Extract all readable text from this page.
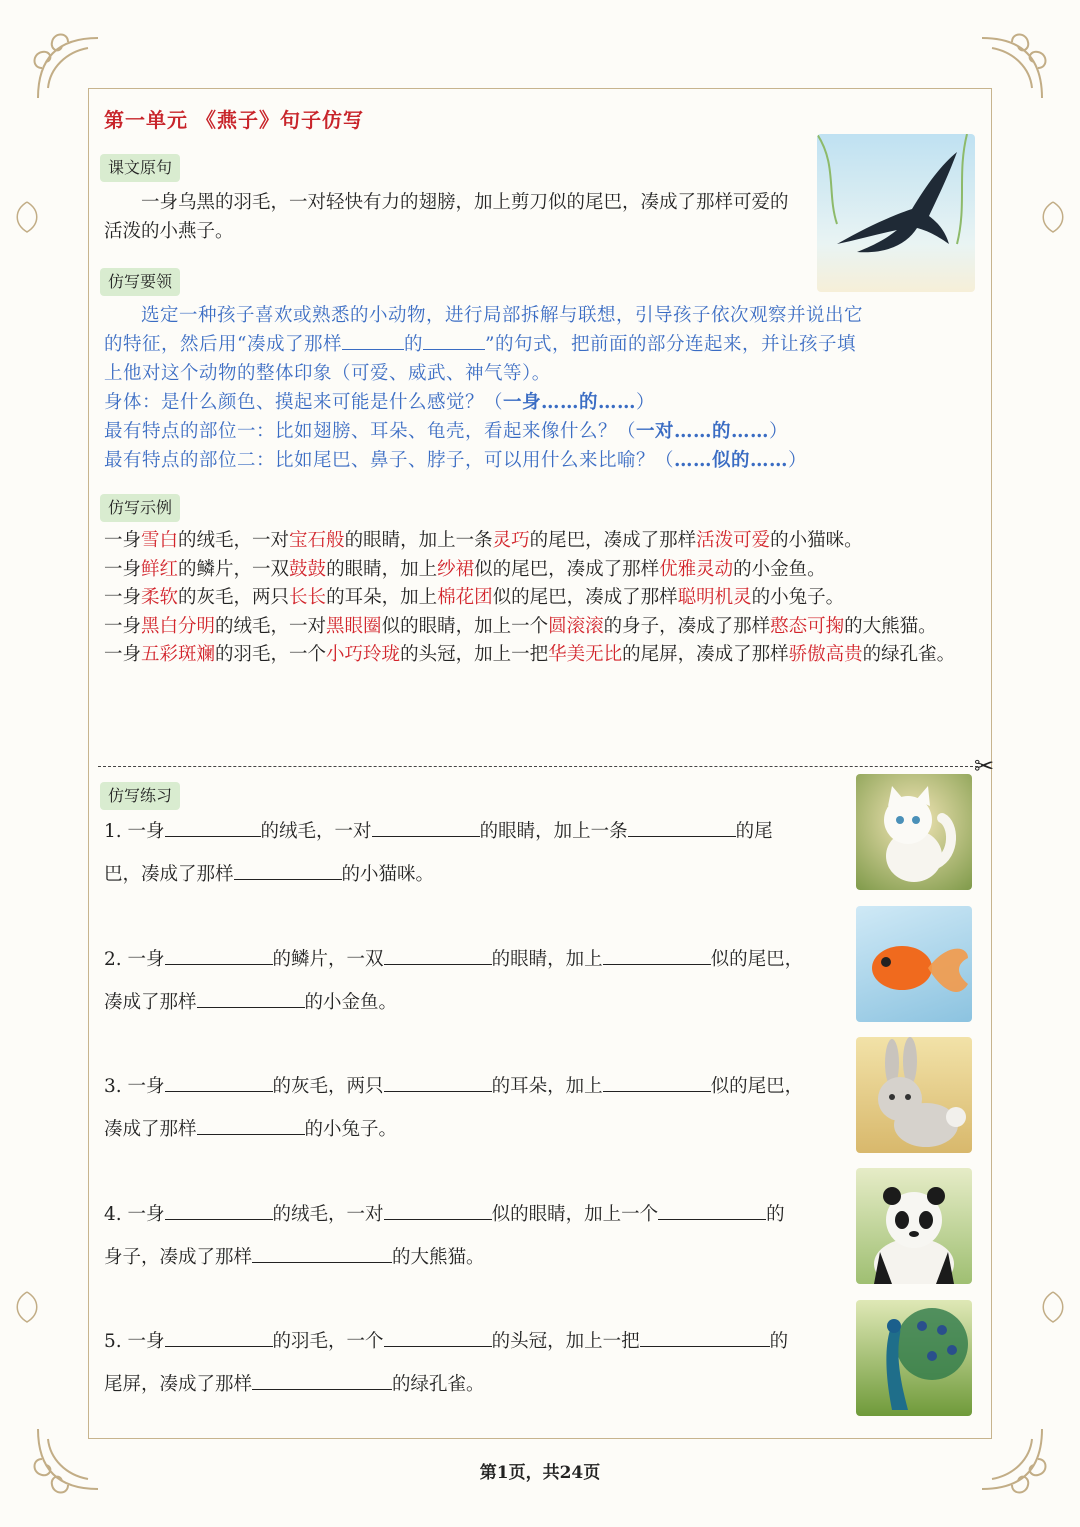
第一单元 《燕子》句子仿写
课文原句
一身乌黑的羽毛，一对轻快有力的翅膀，加上剪刀似的尾巴，凑成了那样可爱的活泼的小燕子。
仿写要领
选定一种孩子喜欢或熟悉的小动物，进行局部拆解与联想，引导孩子依次观察并说出它
的特征，然后用“凑成了那样	的	”的句式，把前面的部分连起来，并让孩子填
上他对这个动物的整体印象（可爱、威武、神气等）。
身体：是什么颜色、摸起来可能是什么感觉？（一身……的……）
最有特点的部位一：比如翅膀、耳朵、龟壳，看起来像什么？（一对……的……）
最有特点的部位二：比如尾巴、鼻子、脖子，可以用什么来比喻？（……似的……）
仿写示例
一身雪白的绒毛，一对宝石般的眼睛，加上一条灵巧的尾巴，凑成了那样活泼可爱的小猫咪。
一身鲜红的鳞片，一双鼓鼓的眼睛，加上纱裙似的尾巴，凑成了那样优雅灵动的小金鱼。
一身柔软的灰毛，两只长长的耳朵，加上棉花团似的尾巴，凑成了那样聪明机灵的小兔子。
一身黑白分明的绒毛，一对黑眼圈似的眼睛，加上一个圆滚滚的身子，凑成了那样憨态可掬的大熊猫。
一身五彩斑斓的羽毛，一个小巧玲珑的头冠，加上一把华美无比的尾屏，凑成了那样骄傲高贵的绿孔雀。
✂
仿写练习
1. 一身	的绒毛，一对	的眼睛，加上一条	的尾
巴，凑成了那样	的小猫咪。
2. 一身	的鳞片，一双	的眼睛，加上	似的尾巴，
凑成了那样	的小金鱼。
3. 一身	的灰毛，两只	的耳朵，加上	似的尾巴，
凑成了那样	的小兔子。
4. 一身	的绒毛，一对	似的眼睛，加上一个	的
身子，凑成了那样	的大熊猫。
5. 一身	的羽毛，一个	的头冠，加上一把	的
尾屏，凑成了那样	的绿孔雀。
第1页，共24页
